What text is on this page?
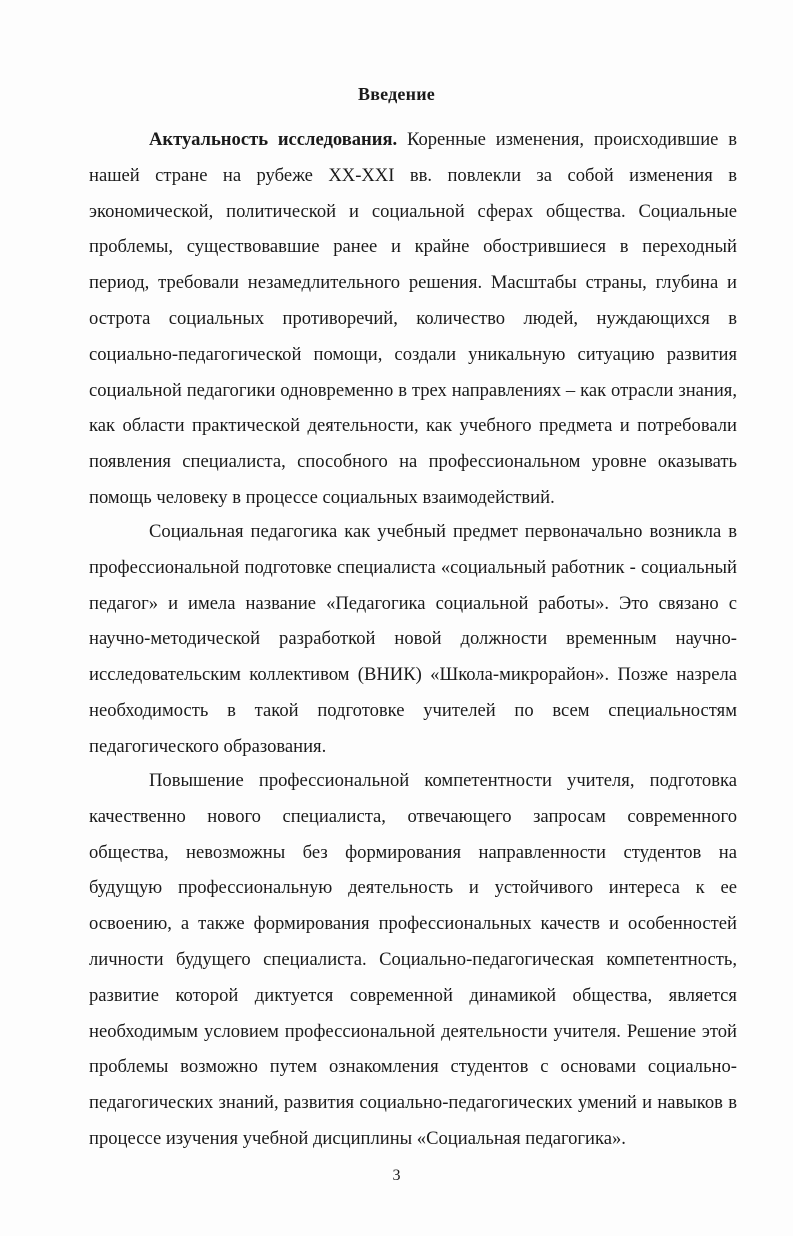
Введение
Актуальность исследования. Коренные изменения, происходившие в нашей стране на рубеже XX-XXI вв. повлекли за собой изменения в экономической, политической и социальной сферах общества. Социальные проблемы, существовавшие ранее и крайне обострившиеся в переходный период, требовали незамедлительного решения. Масштабы страны, глубина и острота социальных противоречий, количество людей, нуждающихся в социально-педагогической помощи, создали уникальную ситуацию развития социальной педагогики одновременно в трех направлениях – как отрасли знания, как области практической деятельности, как учебного предмета и потребовали появления специалиста, способного на профессиональном уровне оказывать помощь человеку в процессе социальных взаимодействий.
Социальная педагогика как учебный предмет первоначально возникла в профессиональной подготовке специалиста «социальный работник - социальный педагог» и имела название «Педагогика социальной работы». Это связано с научно-методической разработкой новой должности временным научно-исследовательским коллективом (ВНИК) «Школа-микрорайон». Позже назрела необходимость в такой подготовке учителей по всем специальностям педагогического образования.
Повышение профессиональной компетентности учителя, подготовка качественно нового специалиста, отвечающего запросам современного общества, невозможны без формирования направленности студентов на будущую профессиональную деятельность и устойчивого интереса к ее освоению, а также формирования профессиональных качеств и особенностей личности будущего специалиста. Социально-педагогическая компетентность, развитие которой диктуется современной динамикой общества, является необходимым условием профессиональной деятельности учителя. Решение этой проблемы возможно путем ознакомления студентов с основами социально-педагогических знаний, развития социально-педагогических умений и навыков в процессе изучения учебной дисциплины «Социальная педагогика».
3
